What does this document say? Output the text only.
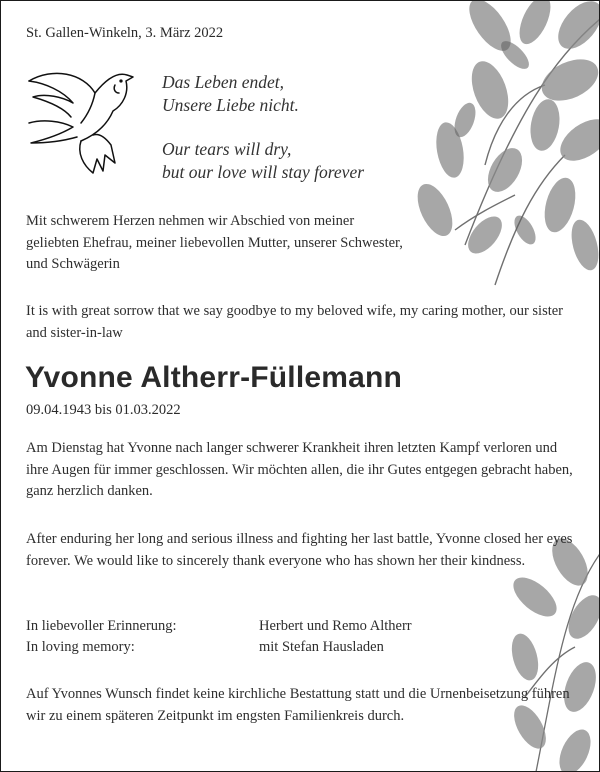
St. Gallen-Winkeln, 3. März 2022
Das Leben endet,
Unsere Liebe nicht.
Our tears will dry,
but our love will stay forever
Mit schwerem Herzen nehmen wir Abschied von meiner geliebten Ehefrau, meiner liebevollen Mutter, unserer Schwester, und Schwägerin
It is with great sorrow that we say goodbye to my beloved wife, my caring mother, our sister and sister-in-law
Yvonne Altherr-Füllemann
09.04.1943 bis 01.03.2022
Am Dienstag hat Yvonne nach langer schwerer Krankheit ihren letzten Kampf verloren und ihre Augen für immer geschlossen. Wir möchten allen, die ihr Gutes entgegen gebracht haben, ganz herzlich danken.
After enduring her long and serious illness and fighting her last battle, Yvonne closed her eyes forever. We would like to sincerely thank everyone who has shown her their kindness.
In liebevoller Erinnerung:
In loving memory:
Herbert und Remo Altherr
mit Stefan Hausladen
Auf Yvonnes Wunsch findet keine kirchliche Bestattung statt und die Urnenbeisetzung führen wir zu einem späteren Zeitpunkt im engsten Familienkreis durch.
